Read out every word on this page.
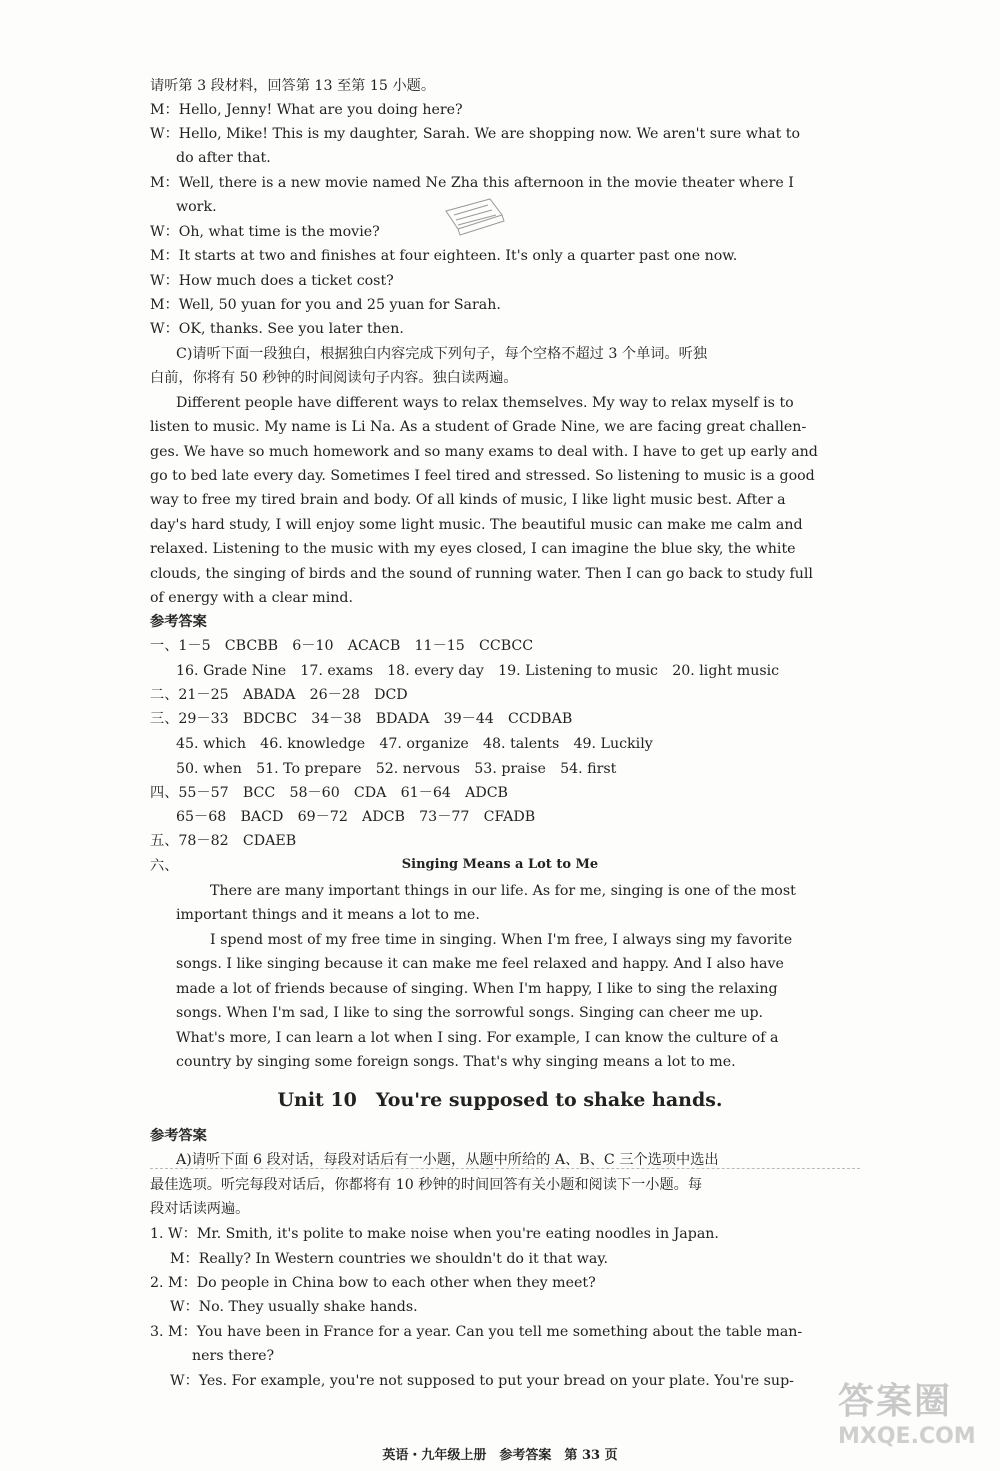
请听第 3 段材料，回答第 13 至第 15 小题。
M：Hello, Jenny! What are you doing here?
W：Hello, Mike! This is my daughter, Sarah. We are shopping now. We aren't sure what to
do after that.
M：Well, there is a new movie named Ne Zha this afternoon in the movie theater where I
work.
W：Oh, what time is the movie?
M：It starts at two and finishes at four eighteen. It's only a quarter past one now.
W：How much does a ticket cost?
M：Well, 50 yuan for you and 25 yuan for Sarah.
W：OK, thanks. See you later then.
C)请听下面一段独白，根据独白内容完成下列句子，每个空格不超过 3 个单词。听独
白前，你将有 50 秒钟的时间阅读句子内容。独白读两遍。
Different people have different ways to relax themselves. My way to relax myself is to
listen to music. My name is Li Na. As a student of Grade Nine, we are facing great challen-
ges. We have so much homework and so many exams to deal with. I have to get up early and
go to bed late every day. Sometimes I feel tired and stressed. So listening to music is a good
way to free my tired brain and body. Of all kinds of music, I like light music best. After a
day's hard study, I will enjoy some light music. The beautiful music can make me calm and
relaxed. Listening to the music with my eyes closed, I can imagine the blue sky, the white
clouds, the singing of birds and the sound of running water. Then I can go back to study full
of energy with a clear mind.
参考答案
一、1－5　CBCBB　6－10　ACACB　11－15　CCBCC
16. Grade Nine　17. exams　18. every day　19. Listening to music　20. light music
二、21－25　ABADA　26－28　DCD
三、29－33　BDCBC　34－38　BDADA　39－44　CCDBAB
45. which　46. knowledge　47. organize　48. talents　49. Luckily
50. when　51. To prepare　52. nervous　53. praise　54. first
四、55－57　BCC　58－60　CDA　61－64　ADCB
65－68　BACD　69－72　ADCB　73－77　CFADB
五、78－82　CDAEB
六、	Singing Means a Lot to Me
There are many important things in our life. As for me, singing is one of the most
important things and it means a lot to me.
I spend most of my free time in singing. When I'm free, I always sing my favorite
songs. I like singing because it can make me feel relaxed and happy. And I also have
made a lot of friends because of singing. When I'm happy, I like to sing the relaxing
songs. When I'm sad, I like to sing the sorrowful songs. Singing can cheer me up.
What's more, I can learn a lot when I sing. For example, I can know the culture of a
country by singing some foreign songs. That's why singing means a lot to me.
Unit 10　You're supposed to shake hands.
参考答案
A)请听下面 6 段对话，每段对话后有一小题，从题中所给的 A、B、C 三个选项中选出
最佳选项。听完每段对话后，你都将有 10 秒钟的时间回答有关小题和阅读下一小题。每
段对话读两遍。
1. W：Mr. Smith, it's polite to make noise when you're eating noodles in Japan.
M：Really? In Western countries we shouldn't do it that way.
2. M：Do people in China bow to each other when they meet?
W：No. They usually shake hands.
3. M：You have been in France for a year. Can you tell me something about the table man-
ners there?
W：Yes. For example, you're not supposed to put your bread on your plate. You're sup-
英语・九年级上册　参考答案　第 33 页
答案圈
MXQE.COM
